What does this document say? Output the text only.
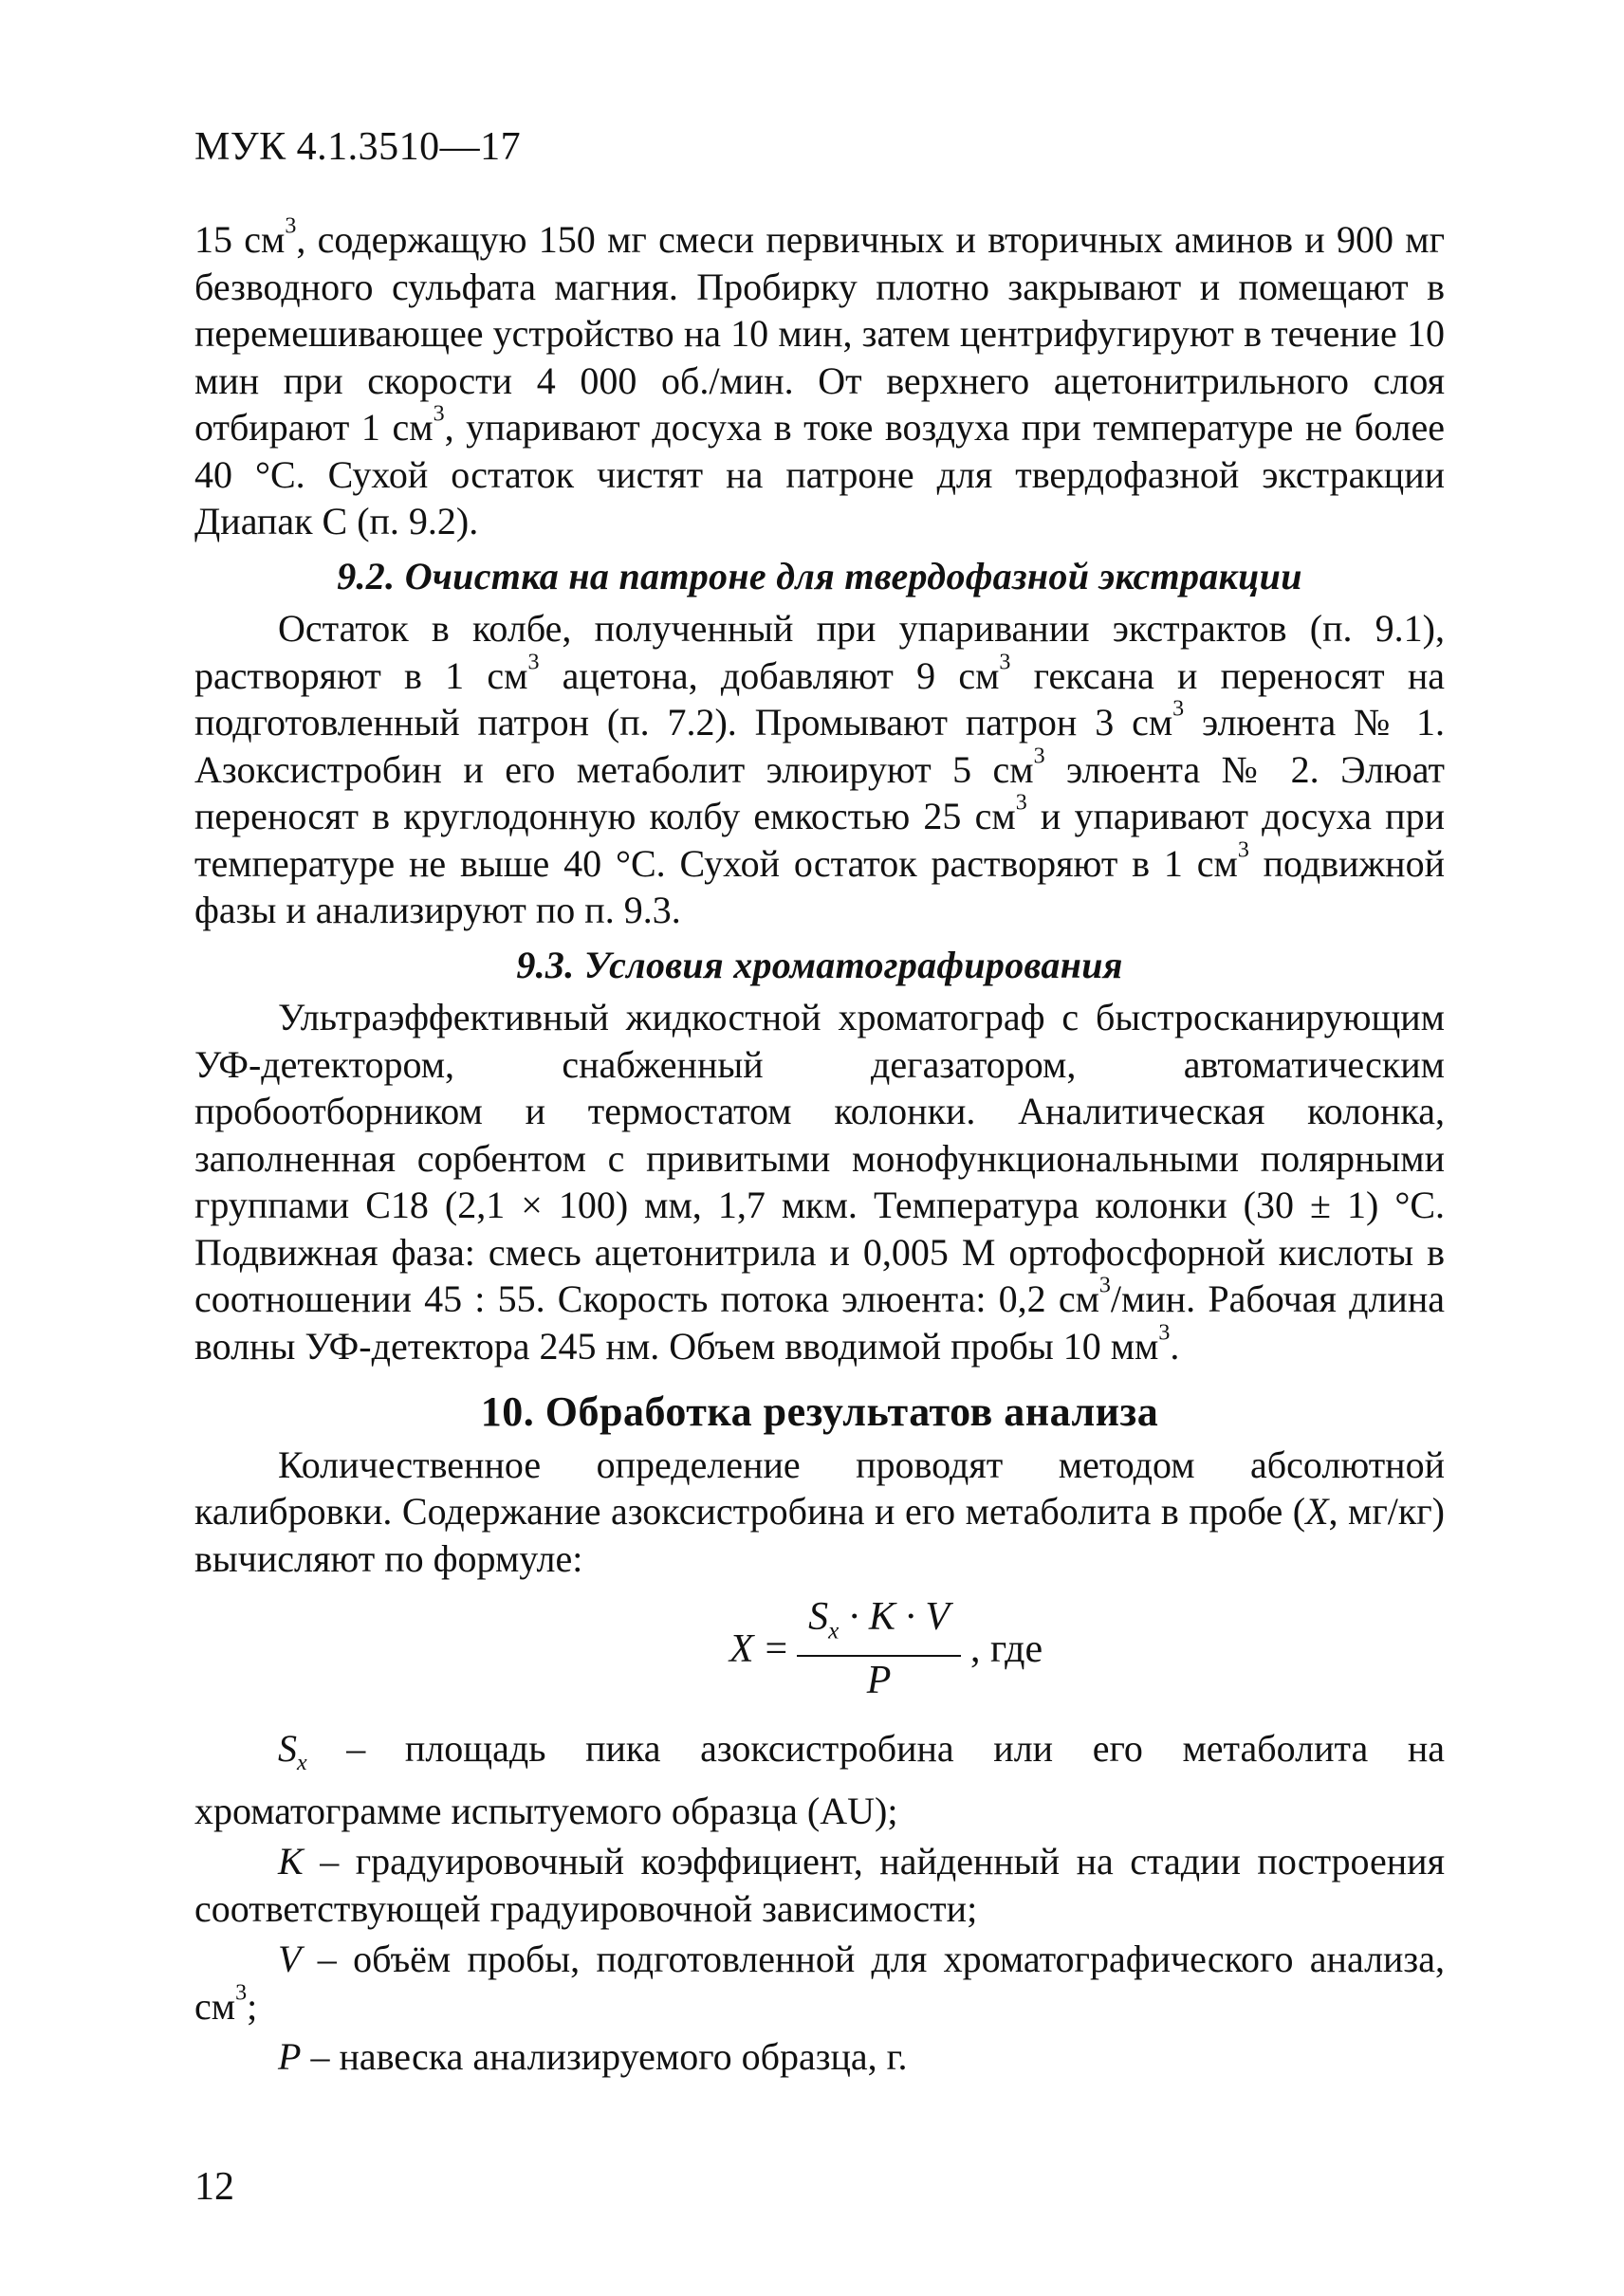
МУК 4.1.3510—17

15 $см^3$, содержащую 150 мг смеси первичных и вторичных аминов и 900 мг безводного сульфата магния. Пробирку плотно закрывают и помещают в перемешивающее устройство на 10 мин, затем центрифугируют в течение 10 мин при скорости 4 000 об./мин. От верхнего ацетонитрильного слоя отбирают 1 $см^3$, упаривают досуха в токе воздуха при температуре не более 40 °С. Сухой остаток чистят на патроне для твердофазной экстракции Диапак С (п. 9.2).

9.2. Очистка на патроне для твердофазной экстракции

Остаток в колбе, полученный при упаривании экстрактов (п. 9.1), растворяют в 1 $см^3$ ацетона, добавляют 9 $см^3$ гексана и переносят на подготовленный патрон (п. 7.2). Промывают патрон 3 $см^3$ элюента № 1. Азоксистробин и его метаболит элюируют 5 $см^3$ элюента № 2. Элюат переносят в круглодонную колбу емкостью 25 $см^3$ и упаривают досуха при температуре не выше 40 °С. Сухой остаток растворяют в 1 $см^3$ подвижной фазы и анализируют по п. 9.3.

9.3. Условия хроматографирования

Ультраэффективный жидкостной хроматограф с быстросканирующим УФ-детектором, снабженный дегазатором, автоматическим пробоотборником и термостатом колонки. Аналитическая колонка, заполненная сорбентом с привитыми монофункциональными полярными группами С18 (2,1 × 100) мм, 1,7 мкм. Температура колонки (30 ± 1) °С. Подвижная фаза: смесь ацетонитрила и 0,005 М ортофосфорной кислоты в соотношении 45 : 55. Скорость потока элюента: 0,2 $см^3$/мин. Рабочая длина волны УФ-детектора 245 нм. Объем вводимой пробы 10 $мм^3$.

10. Обработка результатов анализа

Количественное определение проводят методом абсолютной калибровки. Содержание азоксистробина и его метаболита в пробе (X, мг/кг) вычисляют по формуле:

$X = \frac{S_x \cdot K \cdot V}{P}$ , где

$S_x$ – площадь пика азоксистробина или его метаболита на хроматограмме испытуемого образца (AU);

K – градуировочный коэффициент, найденный на стадии построения соответствующей градуировочной зависимости;

V – объём пробы, подготовленной для хроматографического анализа, $см^3$;

P – навеска анализируемого образца, г.

12
